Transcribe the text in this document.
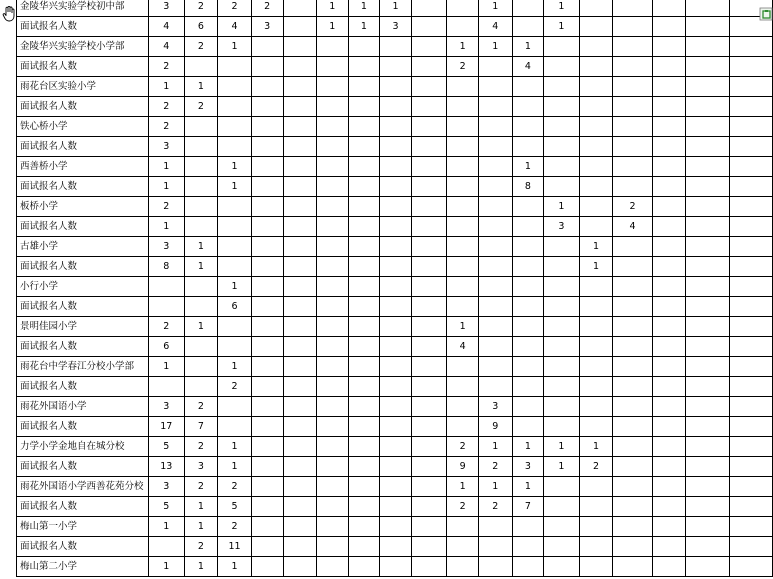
金陵华兴实验学校初中部	3	2	2	2		1	1	1			1		1					
面试报名人数	4	6	4	3		1	1	3			4		1					
金陵华兴实验学校小学部	4	2	1							1	1	1						
面试报名人数	2									2		4						
雨花台区实验小学	1	1																
面试报名人数	2	2																
铁心桥小学	2																	
面试报名人数	3																	
西善桥小学	1		1									1						
面试报名人数	1		1									8						
板桥小学	2												1		2			
面试报名人数	1												3		4			
古雄小学	3	1												1				
面试报名人数	8	1												1				
小行小学			1															
面试报名人数			6															
景明佳园小学	2	1								1								
面试报名人数	6									4								
雨花台中学春江分校小学部	1		1															
面试报名人数			2															
雨花外国语小学	3	2									3							
面试报名人数	17	7									9							
力学小学金地自在城分校	5	2	1							2	1	1	1	1				
面试报名人数	13	3	1							9	2	3	1	2				
雨花外国语小学西善花苑分校	3	2	2							1	1	1						
面试报名人数	5	1	5							2	2	7						
梅山第一小学	1	1	2															
面试报名人数		2	11															
梅山第二小学	1	1	1															
